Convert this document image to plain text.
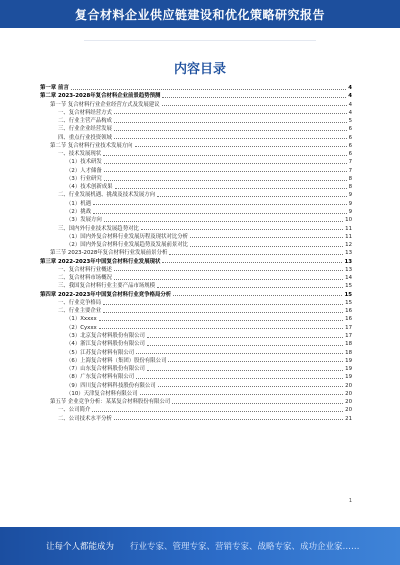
复合材料企业供应链建设和优化策略研究报告
内容目录
第一章 前言	4
第二章 2023-2028年复合材料企业前景趋势预测	4
第一节 复合材料行业企业经营方式及发展建议	4
一、复合材料经营方式	4
二、行业主营产品构成	5
三、行业企业经营发展	6
四、重点行业投资领域	6
第二节 复合材料行业技术发展方向	6
一、技术发展现状	6
（1）技术研发	7
（2）人才储备	7
（3）行业研究	8
（4）技术创新成果	8
二、行业发展机遇、挑战及技术发展方向	9
（1）机遇	9
（2）挑战	9
（3）发展方向	10
三、国内外行业技术发展趋势对比	11
（1）国内外复合材料行业发展历程及现状对比分析	11
（2）国内外复合材料行业发展趋势及发展前景对比	12
第三节 2023-2028年复合材料行业发展前景分析	13
第三章 2022-2023年中国复合材料行业发展现状	13
一、复合材料行业概述	13
二、复合材料市场概况	14
三、我国复合材料行业主要产品市场规模	15
第四章 2022-2023年中国复合材料行业竞争格局分析	15
一、行业竞争格局	15
二、行业主要企业	16
（1）Xxxxx	16
（2）Cyxxx	17
（3）北京复合材料股份有限公司	17
（4）浙江复合材料股份有限公司	18
（5）江苏复合材料有限公司	18
（6）上海复合材料（集团）股份有限公司	19
（7）山东复合材料股份有限公司	19
（8）广东复合材料有限公司	19
（9）四川复合材料科技股份有限公司	20
（10）天津复合材料有限公司	20
第五节 企业竞争分析：某某复合材料股份有限公司	20
一、公司简介	20
二、公司技术水平分析	21
1
让每个人都能成为 行业专家、管理专家、营销专家、战略专家、成功企业家……
